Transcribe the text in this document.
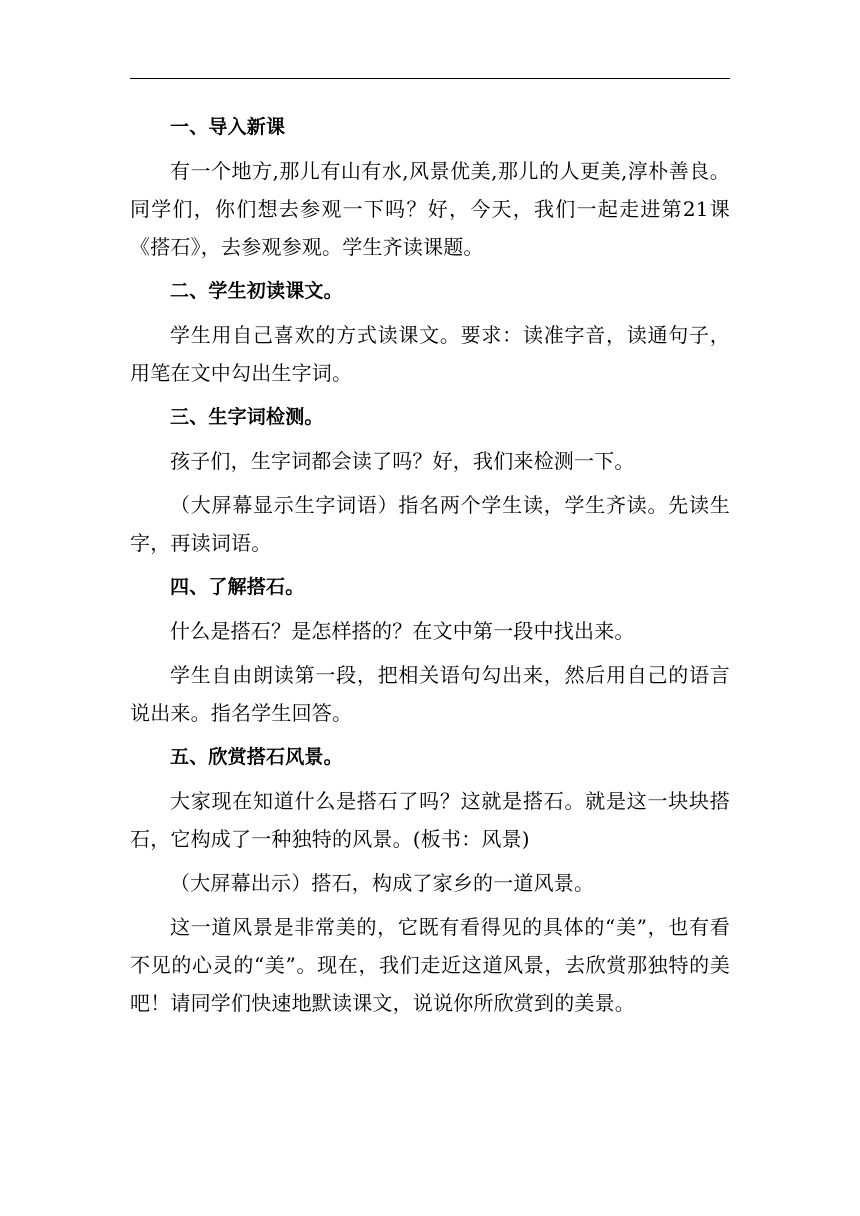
一、导入新课

有一个地方,那儿有山有水,风景优美,那儿的人更美,淳朴善良。同学们，你们想去参观一下吗？好，今天，我们一起走进第21课《搭石》，去参观参观。学生齐读课题。

二、学生初读课文。

学生用自己喜欢的方式读课文。要求：读准字音，读通句子，用笔在文中勾出生字词。

三、生字词检测。

孩子们，生字词都会读了吗？好，我们来检测一下。

（大屏幕显示生字词语）指名两个学生读，学生齐读。先读生字，再读词语。

四、了解搭石。

什么是搭石？是怎样搭的？在文中第一段中找出来。

学生自由朗读第一段，把相关语句勾出来，然后用自己的语言说出来。指名学生回答。

五、欣赏搭石风景。

大家现在知道什么是搭石了吗？这就是搭石。就是这一块块搭石，它构成了一种独特的风景。(板书：风景)

（大屏幕出示）搭石，构成了家乡的一道风景。

这一道风景是非常美的，它既有看得见的具体的“美”，也有看不见的心灵的“美”。现在，我们走近这道风景，去欣赏那独特的美吧！请同学们快速地默读课文，说说你所欣赏到的美景。
